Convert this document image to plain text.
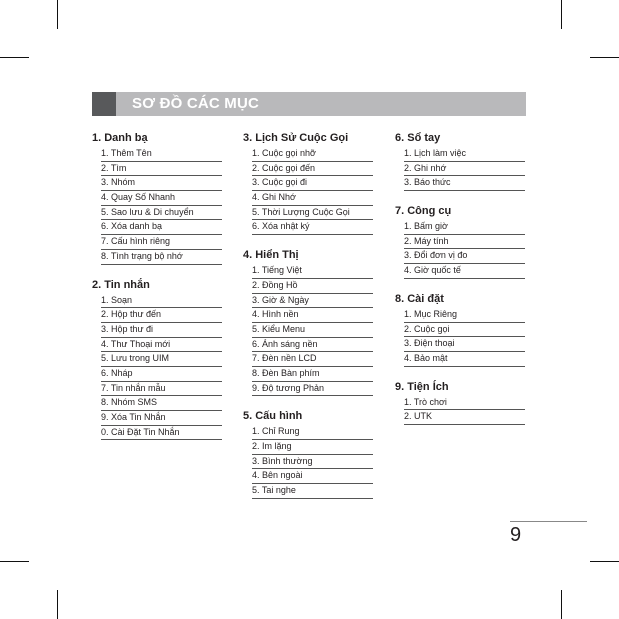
SƠ ĐỒ CÁC MỤC
1. Danh bạ
1. Thêm Tên
2. Tìm
3. Nhóm
4. Quay Số Nhanh
5. Sao lưu & Di chuyển
6. Xóa danh bạ
7. Cấu hình riêng
8. Tình trạng bộ nhớ
2. Tin nhắn
1. Soạn
2. Hộp thư đến
3. Hộp thư đi
4. Thư Thoại mới
5. Lưu trong UIM
6. Nháp
7. Tin nhắn mẫu
8. Nhóm SMS
9. Xóa Tin Nhắn
0. Cài Đặt Tin Nhắn
3. Lịch Sử Cuộc Gọi
1. Cuộc gọi nhỡ
2. Cuộc gọi đến
3. Cuộc gọi đi
4. Ghi Nhớ
5. Thời Lượng Cuộc Gọi
6. Xóa nhật ký
4. Hiển Thị
1. Tiếng Việt
2. Đồng Hồ
3. Giờ & Ngày
4. Hình nền
5. Kiểu Menu
6. Ánh sáng nền
7. Đèn nền LCD
8. Đèn Bàn phím
9. Độ tương Phản
5. Cấu hình
1. Chỉ Rung
2. Im lặng
3. Bình thường
4. Bên ngoài
5. Tai nghe
6. Sổ tay
1. Lịch làm việc
2. Ghi nhớ
3. Báo thức
7. Công cụ
1. Bấm giờ
2. Máy tính
3. Đổi đơn vị đo
4. Giờ quốc tế
8. Cài đặt
1. Mục Riêng
2. Cuộc gọi
3. Điện thoại
4. Bảo mật
9. Tiện Ích
1. Trò chơi
2. UTK
9
